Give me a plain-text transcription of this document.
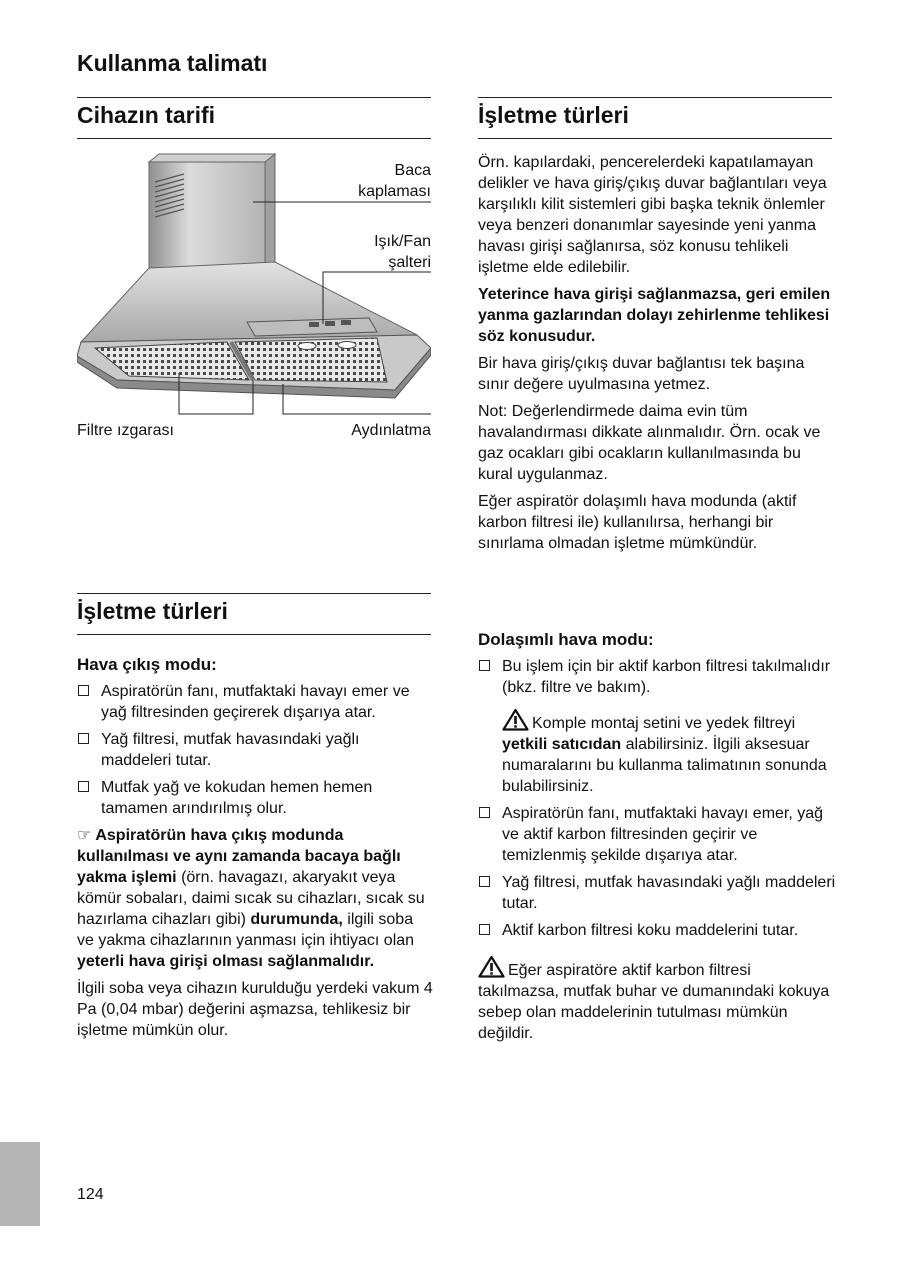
Kullanma talimatı
Cihazın tarifi
Baca
kaplaması
Işık/Fan
şalteri
Filtre ızgarası	Aydınlatma
İşletme türleri
Hava çıkış modu:
Aspiratörün fanı, mutfaktaki havayı emer ve yağ filtresinden geçirerek dışarıya atar.
Yağ filtresi, mutfak havasındaki yağlı maddeleri tutar.
Mutfak yağ ve kokudan hemen hemen tamamen arındırılmış olur.

☞ Aspiratörün hava çıkış modunda kullanılması ve aynı zamanda bacaya bağlı yakma işlemi (örn. havagazı, akaryakıt veya kömür sobaları, daimi sıcak su cihazları, sıcak su hazırlama cihazları gibi) durumunda, ilgili soba ve yakma cihazlarının yanması için ihtiyacı olan yeterli hava girişi olması sağlanmalıdır.

İlgili soba veya cihazın kurulduğu yerdeki vakum 4 Pa (0,04 mbar) değerini aşmazsa, tehlikesiz bir işletme mümkün olur.

İşletme türleri

Örn. kapılardaki, pencerelerdeki kapatılamayan delikler ve hava giriş/çıkış duvar bağlantıları veya karşılıklı kilit sistemleri gibi başka teknik önlemler veya benzeri donanımlar sayesinde yeni yanma havası girişi sağlanırsa, söz konusu tehlikeli işletme elde edilebilir.

Yeterince hava girişi sağlanmazsa, geri emilen yanma gazlarından dolayı zehirlenme tehlikesi söz konusudur.

Bir hava giriş/çıkış duvar bağlantısı tek başına sınır değere uyulmasına yetmez.

Not: Değerlendirmede daima evin tüm havalandırması dikkate alınmalıdır. Örn. ocak ve gaz ocakları gibi ocakların kullanılmasında bu kural uygulanmaz.

Eğer aspiratör dolaşımlı hava modunda (aktif karbon filtresi ile) kullanılırsa, herhangi bir sınırlama olmadan işletme mümkündür.

Dolaşımlı hava modu:
Bu işlem için bir aktif karbon filtresi takılmalıdır (bkz. filtre ve bakım).

Komple montaj setini ve yedek filtreyi yetkili satıcıdan alabilirsiniz. İlgili aksesuar numaralarını bu kullanma talimatının sonunda bulabilirsiniz.

Aspiratörün fanı, mutfaktaki havayı emer, yağ ve aktif karbon filtresinden geçirir ve temizlenmiş şekilde dışarıya atar.
Yağ filtresi, mutfak havasındaki yağlı maddeleri tutar.
Aktif karbon filtresi koku maddelerini tutar.

Eğer aspiratöre aktif karbon filtresi takılmazsa, mutfak buhar ve dumanındaki kokuya sebep olan maddelerinin tutulması mümkün değildir.

124
